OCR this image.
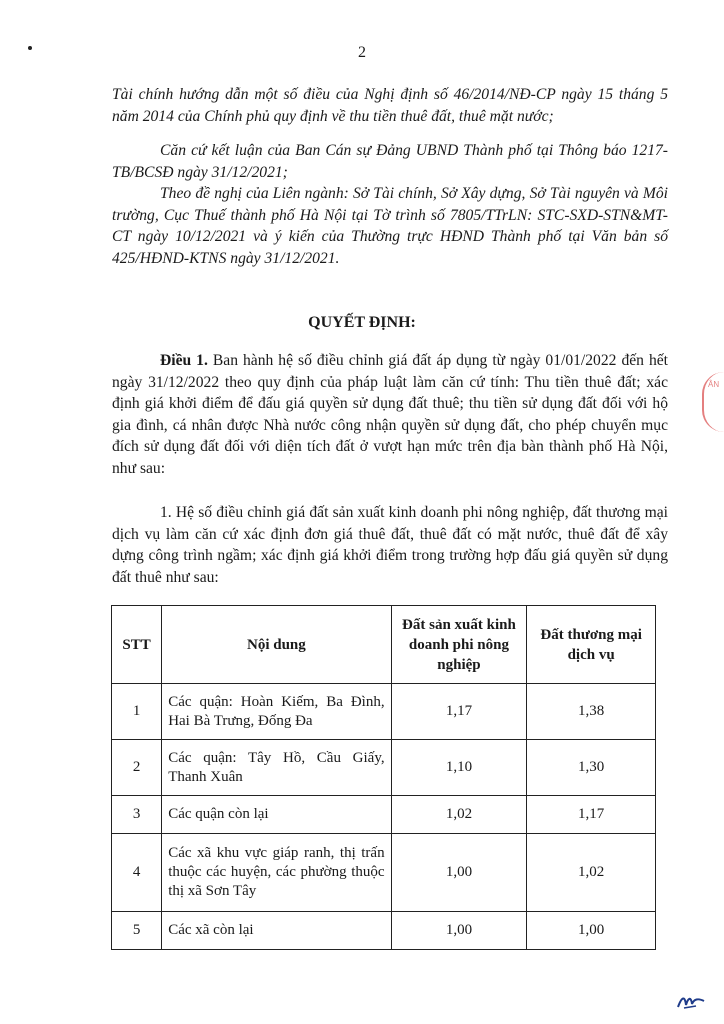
2

Tài chính hướng dẫn một số điều của Nghị định số 46/2014/NĐ-CP ngày 15 tháng 5 năm 2014 của Chính phủ quy định về thu tiền thuê đất, thuê mặt nước;

Căn cứ kết luận của Ban Cán sự Đảng UBND Thành phố tại Thông báo 1217-TB/BCSĐ ngày 31/12/2021;

Theo đề nghị của Liên ngành: Sở Tài chính, Sở Xây dựng, Sở Tài nguyên và Môi trường, Cục Thuế thành phố Hà Nội tại Tờ trình số 7805/TTrLN: STC-SXD-STN&MT-CT ngày 10/12/2021 và ý kiến của Thường trực HĐND Thành phố tại Văn bản số 425/HĐND-KTNS ngày 31/12/2021.

QUYẾT ĐỊNH:

Điều 1. Ban hành hệ số điều chỉnh giá đất áp dụng từ ngày 01/01/2022 đến hết ngày 31/12/2022 theo quy định của pháp luật làm căn cứ tính: Thu tiền thuê đất; xác định giá khởi điểm để đấu giá quyền sử dụng đất thuê; thu tiền sử dụng đất đối với hộ gia đình, cá nhân được Nhà nước công nhận quyền sử dụng đất, cho phép chuyển mục đích sử dụng đất đối với diện tích đất ở vượt hạn mức trên địa bàn thành phố Hà Nội, như sau:

1. Hệ số điều chỉnh giá đất sản xuất kinh doanh phi nông nghiệp, đất thương mại dịch vụ làm căn cứ xác định đơn giá thuê đất, thuê đất có mặt nước, thuê đất để xây dựng công trình ngầm; xác định giá khởi điểm trong trường hợp đấu giá quyền sử dụng đất thuê như sau:

STT	Nội dung	Đất sản xuất kinh doanh phi nông nghiệp	Đất thương mại dịch vụ
1	Các quận: Hoàn Kiếm, Ba Đình, Hai Bà Trưng, Đống Đa	1,17	1,38
2	Các quận: Tây Hồ, Cầu Giấy, Thanh Xuân	1,10	1,30
3	Các quận còn lại	1,02	1,17
4	Các xã khu vực giáp ranh, thị trấn thuộc các huyện, các phường thuộc thị xã Sơn Tây	1,00	1,02
5	Các xã còn lại	1,00	1,00
ÂN
